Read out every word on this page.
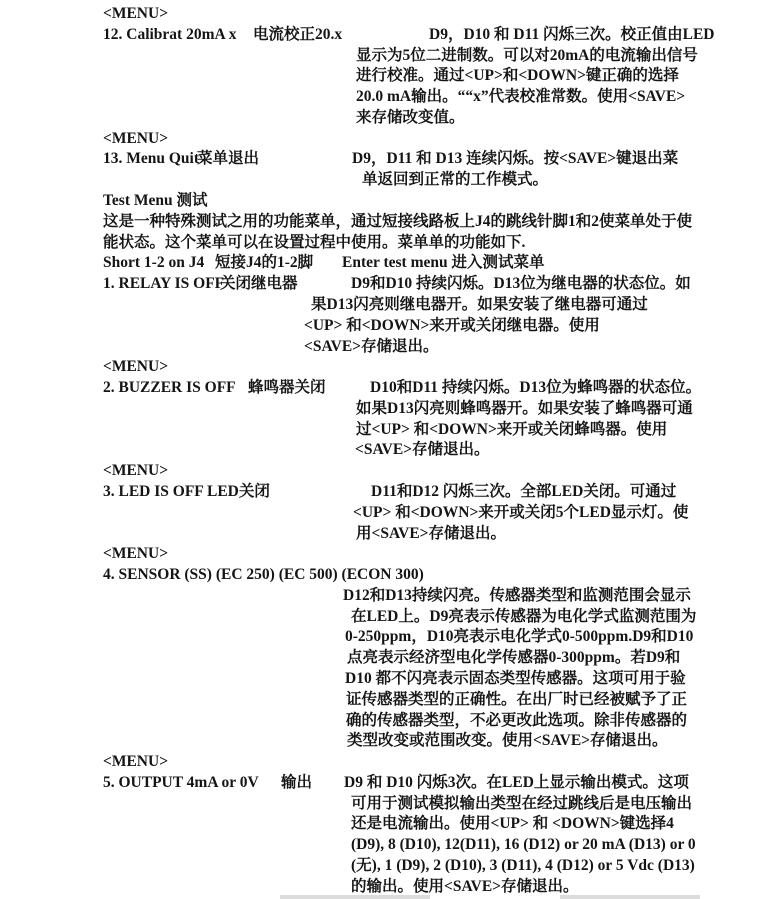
<MENU>
12. Calibrat 20mA x 电流校正20.x	D9，D10 和 D11 闪烁三次。校正值由LED
显示为5位二进制数。可以对20mA的电流输出信号
进行校准。通过<UP>和<DOWN>键正确的选择
20.0 mA输出。““x”代表校准常数。使用<SAVE>
来存储改变值。
<MENU>
13. Menu Quit
菜单退出	D9，D11 和 D13 连续闪烁。按<SAVE>键退出菜
单返回到正常的工作模式。
Test Menu 测试
这是一种特殊测试之用的功能菜单，通过短接线路板上J4的跳线针脚1和2使菜单处于使
能状态。这个菜单可以在设置过程中使用。菜单单的功能如下.
Short 1-2 on J4 短接J4的1-2脚 Enter test menu 进入测试菜单
1. RELAY IS OFF
关闭继电器	D9和D10 持续闪烁。D13位为继电器的状态位。如
果D13闪亮则继电器开。如果安装了继电器可通过
<UP> 和<DOWN>来开或关闭继电器。使用
<SAVE>存储退出。
<MENU>
2. BUZZER IS OFF 蜂鸣器关闭	D10和D11 持续闪烁。D13位为蜂鸣器的状态位。
如果D13闪亮则蜂鸣器开。如果安装了蜂鸣器可通
过<UP> 和<DOWN>来开或关闭蜂鸣器。使用
<SAVE>存储退出。
<MENU>
3. LED IS OFF LED关闭	D11和D12 闪烁三次。全部LED关闭。可通过
<UP> 和<DOWN>来开或关闭5个LED显示灯。使
用<SAVE>存储退出。
<MENU>
4. SENSOR (SS) (EC 250) (EC 500) (ECON 300)
D12和D13持续闪亮。传感器类型和监测范围会显示
在LED上。D9亮表示传感器为电化学式监测范围为
0-250ppm，D10亮表示电化学式0-500ppm.D9和D10
点亮表示经济型电化学传感器0-300ppm。若D9和
D10 都不闪亮表示固态类型传感器。这项可用于验
证传感器类型的正确性。在出厂时已经被赋予了正
确的传感器类型，不必更改此选项。除非传感器的
类型改变或范围改变。使用<SAVE>存储退出。
<MENU>
5. OUTPUT 4mA or 0V 输出 D9 和 D10 闪烁3次。在LED上显示输出模式。这项
可用于测试模拟输出类型在经过跳线后是电压输出
还是电流输出。使用<UP> 和 <DOWN>键选择4
(D9), 8 (D10), 12(D11), 16 (D12) or 20 mA (D13) or 0
(无), 1 (D9), 2 (D10), 3 (D11), 4 (D12) or 5 Vdc (D13)
的输出。使用<SAVE>存储退出。
